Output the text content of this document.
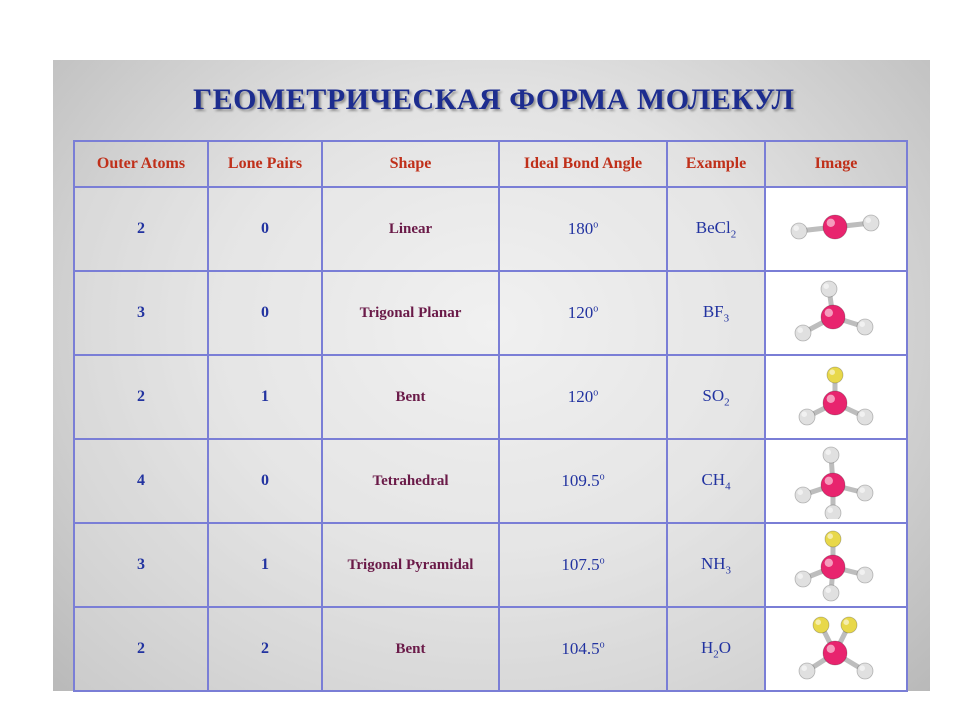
ГЕОМЕТРИЧЕСКАЯ ФОРМА МОЛЕКУЛ
Outer Atoms	Lone Pairs	Shape	Ideal Bond Angle	Example	Image
2	0	Linear	180$^o$	BeCl$_2$	

3	0	Trigonal Planar	120$^o$	$BF_3$	

2	1	Bent	120$^o$	$SO_2$	

4	0	Tetrahedral	109.5$^o$	$CH_4$	

3	1	Trigonal Pyramidal	107.5$^o$	$NH_3$	

2	2	Bent	104.5$^o$	$H_2O$	
